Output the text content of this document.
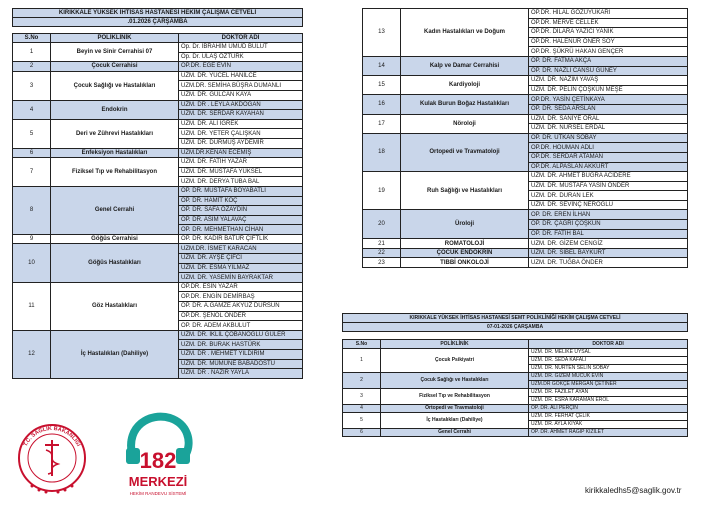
KIRIKKALE YÜKSEK İHTİSAS HASTANESİ HEKİM ÇALIŞMA CETVELİ		
.01.2026 ÇARŞAMBA		

S.No	POLİKLİNİK	DOKTOR ADI
1	Beyin ve Sinir Cerrahisi 07	Op. Dr. İBRAHİM UMUD BULUT
		Op. Dr. ULAŞ ÖZTÜRK
2	Çocuk Cerrahisi	OP.DR. EGE EVİN
3	Çocuk Sağlığı ve Hastalıkları	UZM. DR. YÜCEL HANİLCE
		UZM.DR. SEMİHA BÜŞRA DUMANLI
		UZM. DR. GÜLCAN KAYA
4	Endokrin	UZM. DR . LEYLA AKDOĞAN
		UZM. DR. SERDAR KAYAHAN
5	Deri ve Zührevi Hastalıkları	UZM. DR. ALİ İĞREK
		UZM. DR. YETER ÇALIŞKAN
		UZM. DR. DURMUŞ AYDEMİR
6	Enfeksiyon Hastalıkları	UZM.DR.KENAN ECEMİŞ
7	Fiziksel Tıp ve Rehabilitasyon	UZM. DR. FATİH YAZAR
		UZM. DR. MUSTAFA YÜKSEL
		UZM. DR. DERYA TUBA BAL
8	Genel Cerrahi	OP. DR. MUSTAFA BOYABATLI
		OP. DR. HAMİT KOÇ
		OP. DR. SAFA ÖZAYDIN
		OP. DR. ASIM YALAVAÇ
		OP. DR. MEHMETHAN CİHAN
9	Göğüs Cerrahisi	OP. DR. KADİR BATUR ÇİFTLİK
10	Göğüs Hastalıkları	UZM.DR. İSMET KARACAN
		UZM. DR. AYŞE ÇİFCİ
		UZM. DR. ESMA YILMAZ
		UZM. DR. YASEMİN BAYRAKTAR
11	Göz Hastalıkları	OP.DR. ESİN YAZAR
		OP.DR. ENGİN DEMİRBAŞ
		OP. DR. A.GAMZE AKYÜZ DURSUN
		OP.DR. ŞENOL ÖNDER
		OP. DR. ADEM AKBULUT
12	İç Hastalıkları (Dahiliye)	UZM. DR. İKLİL ÇOBANOĞLU GÜLER
		UZM. DR. BURAK HASTÜRK
		UZM. DR . MEHMET YILDIRIM
		UZM. DR. MÜMÜNE BABADOSTU
		UZM. DR . NAZIR YAYLA
13	Kadın Hastalıkları ve Doğum	OP.DR. HİLAL GÖZÜYUKARI
		OP.DR. MERVE CELLEK
		OP.DR. DİLARA YAZICI YANIK
		OP.DR. HALENUR ÖNER SOY
		OP.DR. ŞÜKRÜ HAKAN GENÇER
14	Kalp ve Damar Cerrahisi	OP. DR. FATMA AKÇA
		OP. DR. NAZLI CANSU GÜNEY
15	Kardiyoloji	UZM. DR. NAZIM YAVAŞ
		UZM. DR. PELİN ÇOŞKUN MEŞE
16	Kulak Burun Boğaz Hastalıkları	OP.DR. YASİN ÇETİNKAYA
		OP. DR. SEDA ARSLAN
17	Nöroloji	UZM. DR. SANİYE ORAL
		UZM. DR. NURSEL ERDAL
18	Ortopedi ve Travmatoloji	OP. DR. UTKAN SOBAY
		OP.DR. HOUMAN ADLI
		OP.DR. SERDAR ATAMAN
		OP.DR. ALPASLAN AKKURT
19	Ruh Sağlığı ve Hastalıkları	UZM. DR. AHMET BUĞRA ACIDERE
		UZM. DR. MUSTAFA YASİN ÖNDER
		UZM. DR. DURAN LEK
		UZM. DR. SEVİNÇ NEROĞLU
20	Üroloji	OP. DR. EREN İLHAN
		OP. DR. ÇAĞRI ÇOŞKUN
		OP. DR. FATİH BAL
21	ROMATOLOJİ	UZM. DR. GİZEM CENGİZ
22	ÇOCUK ENDOKRİN	UZM. DR. SİBEL BAYKURT
23	TIBBİ ONKOLOJİ	UZM. DR. TUĞBA ÖNDER
KIRIKKALE YÜKSEK İHTİSAS HASTANESİ SEMT POLİKLİNİĞİ HEKİM ÇALIŞMA CETVELİ		
07-01-2026 ÇARŞAMBA		

S.No	POLİKLİNİK	DOKTOR ADI
1	Çocuk Psikiyatri	UZM. DR. MELİKE UYSAL
		UZM. DR. SEDA KAFALI
		UZM. DR. NURTEN SELİN SOBAY
2	Çocuk Sağlığı ve Hastalıkları	UZM. DR. GİZEM MUCUK EVİN
		UZM.DR GÖKÇE MERGAN ÇETİNER
3	Fiziksel Tıp ve Rehabilitasyon	UZM. DR. FAZİLET AYAN
		UZM. DR. ESRA KARAMAN EROL
4	Ortopedi ve Travmatoloji	OP. DR. ALİ PERÇİN
5	İç Hastalıkları (Dahiliye)	UZM. DR. FERHAT ÇELİK
		UZM. DR. AYLA KIYAK
6	Genel Cerrahi	OP. DR. AHMET RAGIP KIZILET
T.C. SAĞLIK BAKANLIĞI
182
MERKEZİ
HEKİM RANDEVU SİSTEMİ	kirikkaledhs5@saglik.gov.tr
